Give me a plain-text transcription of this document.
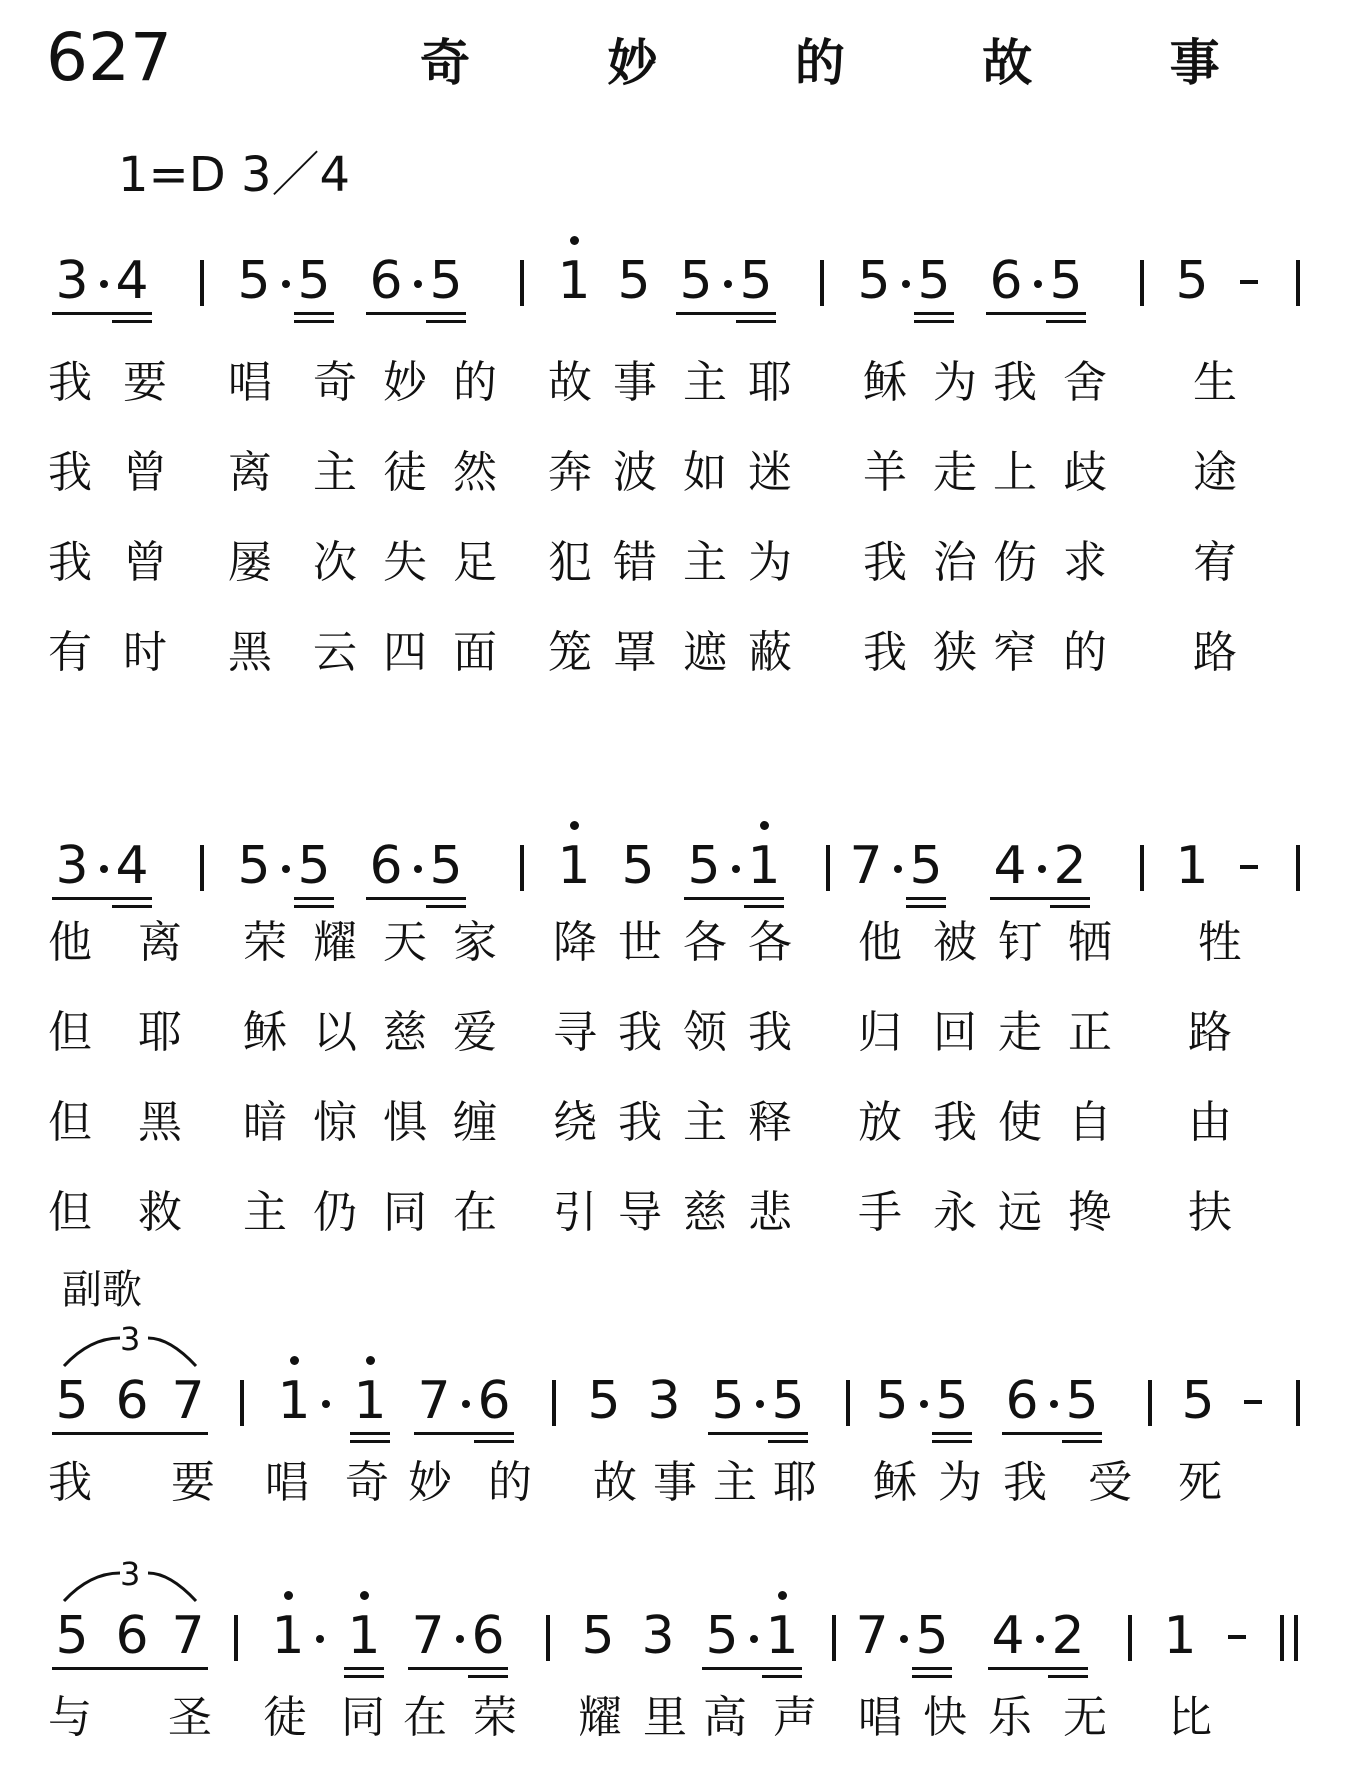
627	奇 妙 的 故 事
1=D 3／4
3 4 5 5 6 5 1 5 5 5 5 5 6 5 5
我 要 唱 奇 妙 的 故 事 主 耶 稣 为 我 舍 生
我 曾 离 主 徒 然 奔 波 如 迷 羊 走 上 歧 途
我 曾 屡 次 失 足 犯 错 主 为 我 治 伤 求 宥
有 时 黑 云 四 面 笼 罩 遮 蔽 我 狭 窄 的 路
3 4 5 5 6 5 1 5 5 1 7 5 4 2 1
他 离 荣 耀 天 家 降 世 各 各 他 被 钉 牺 牲
但 耶 稣 以 慈 爱 寻 我 领 我 归 回 走 正 路
但 黑 暗 惊 惧 缠 绕 我 主 释 放 我 使 自 由
但 救 主 仍 同 在 引 导 慈 悲 手 永 远 搀 扶
副歌
3
5 6 7 1 1 7 6 5 3 5 5 5 5 6 5 5
我 要 唱 奇 妙 的 故 事 主 耶 稣 为 我 受 死
3
5 6 7 1 1 7 6 5 3 5 1 7 5 4 2 1
与 圣 徒 同 在 荣 耀 里 高 声 唱 快 乐 无 比
